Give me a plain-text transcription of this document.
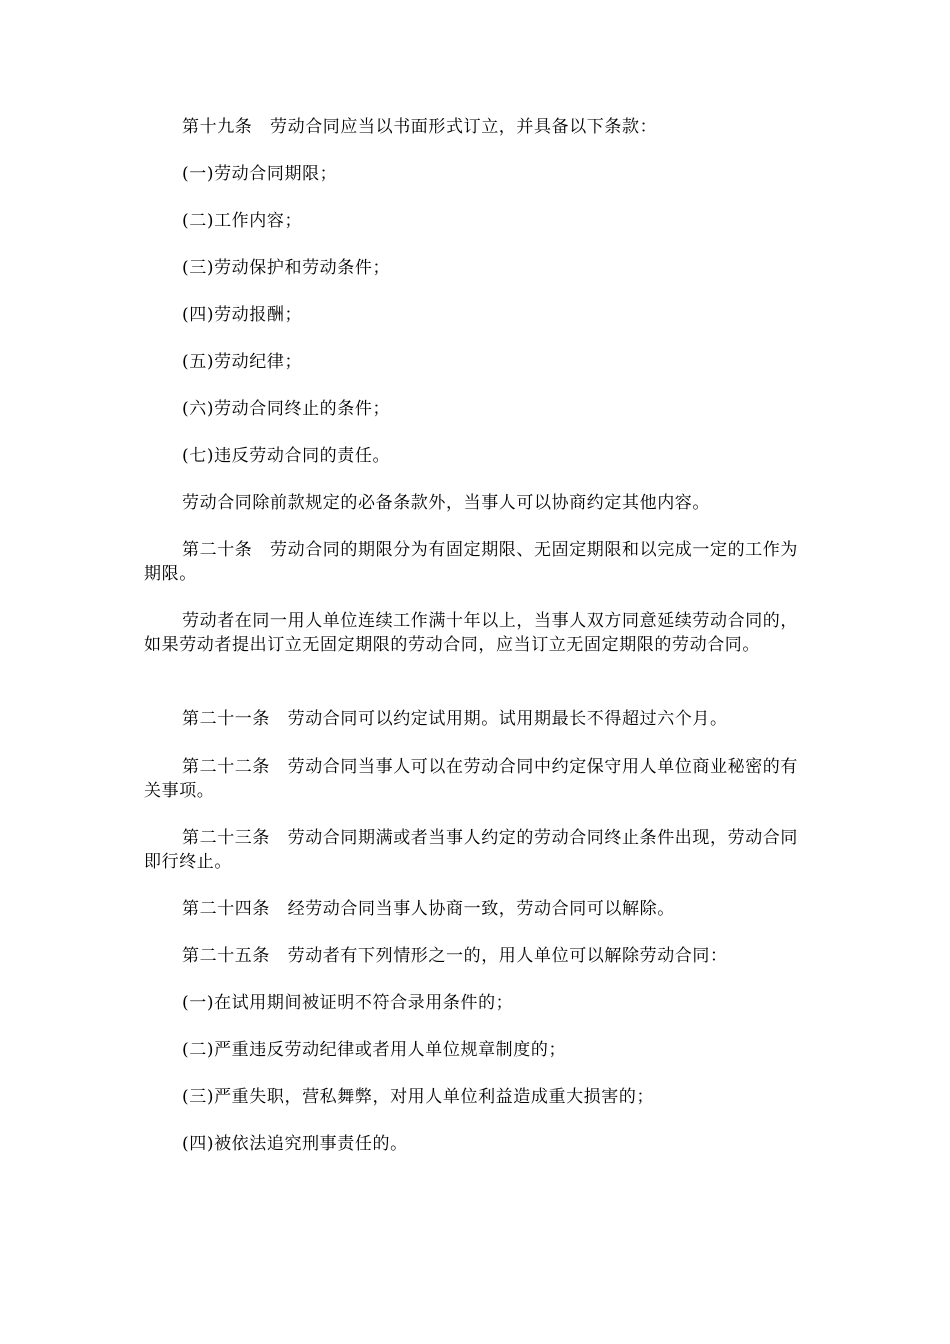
第十九条　劳动合同应当以书面形式订立，并具备以下条款：

(一)劳动合同期限；

(二)工作内容；

(三)劳动保护和劳动条件；

(四)劳动报酬；

(五)劳动纪律；

(六)劳动合同终止的条件；

(七)违反劳动合同的责任。

劳动合同除前款规定的必备条款外，当事人可以协商约定其他内容。

第二十条　劳动合同的期限分为有固定期限、无固定期限和以完成一定的工作为期限。

劳动者在同一用人单位连续工作满十年以上，当事人双方同意延续劳动合同的，如果劳动者提出订立无固定期限的劳动合同，应当订立无固定期限的劳动合同。

第二十一条　劳动合同可以约定试用期。试用期最长不得超过六个月。

第二十二条　劳动合同当事人可以在劳动合同中约定保守用人单位商业秘密的有关事项。

第二十三条　劳动合同期满或者当事人约定的劳动合同终止条件出现，劳动合同即行终止。

第二十四条　经劳动合同当事人协商一致，劳动合同可以解除。

第二十五条　劳动者有下列情形之一的，用人单位可以解除劳动合同：

(一)在试用期间被证明不符合录用条件的；

(二)严重违反劳动纪律或者用人单位规章制度的；

(三)严重失职，营私舞弊，对用人单位利益造成重大损害的；

(四)被依法追究刑事责任的。
